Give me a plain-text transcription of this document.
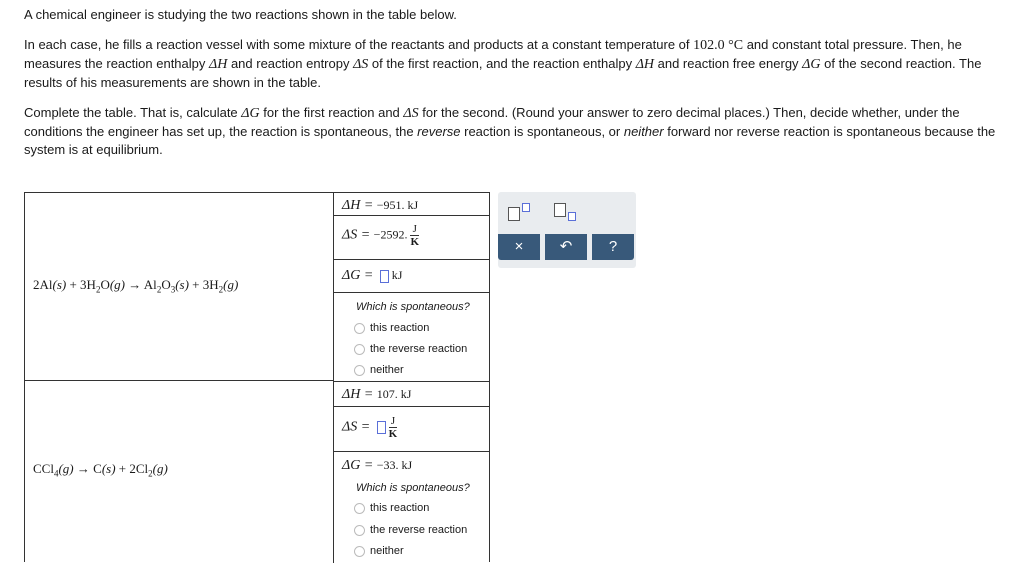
A chemical engineer is studying the two reactions shown in the table below.

In each case, he fills a reaction vessel with some mixture of the reactants and products at a constant temperature of 102.0 °C and constant total pressure. Then, he measures the reaction enthalpy ΔH and reaction entropy ΔS of the first reaction, and the reaction enthalpy ΔH and reaction free energy ΔG of the second reaction. The results of his measurements are shown in the table.

Complete the table. That is, calculate ΔG for the first reaction and ΔS for the second. (Round your answer to zero decimal places.) Then, decide whether, under the conditions the engineer has set up, the reaction is spontaneous, the reverse reaction is spontaneous, or neither forward nor reverse reaction is spontaneous because the system is at equilibrium.

$2Al(s) + 3H_2O(g) \to Al_2O_3(s) + 3H_2(g)$
$CCl_4(g) \to C(s) + 2Cl_2(g)$
ΔH = −951. kJ
ΔS = −2592. $\frac{J}{K}$
ΔG = kJ
Which is spontaneous?
this reaction
the reverse reaction
neither
ΔH = 107. kJ
$\Delta S = \frac{J}{K}$
ΔG = −33. kJ
Which is spontaneous?
this reaction
the reverse reaction
neither
×	↶	?
